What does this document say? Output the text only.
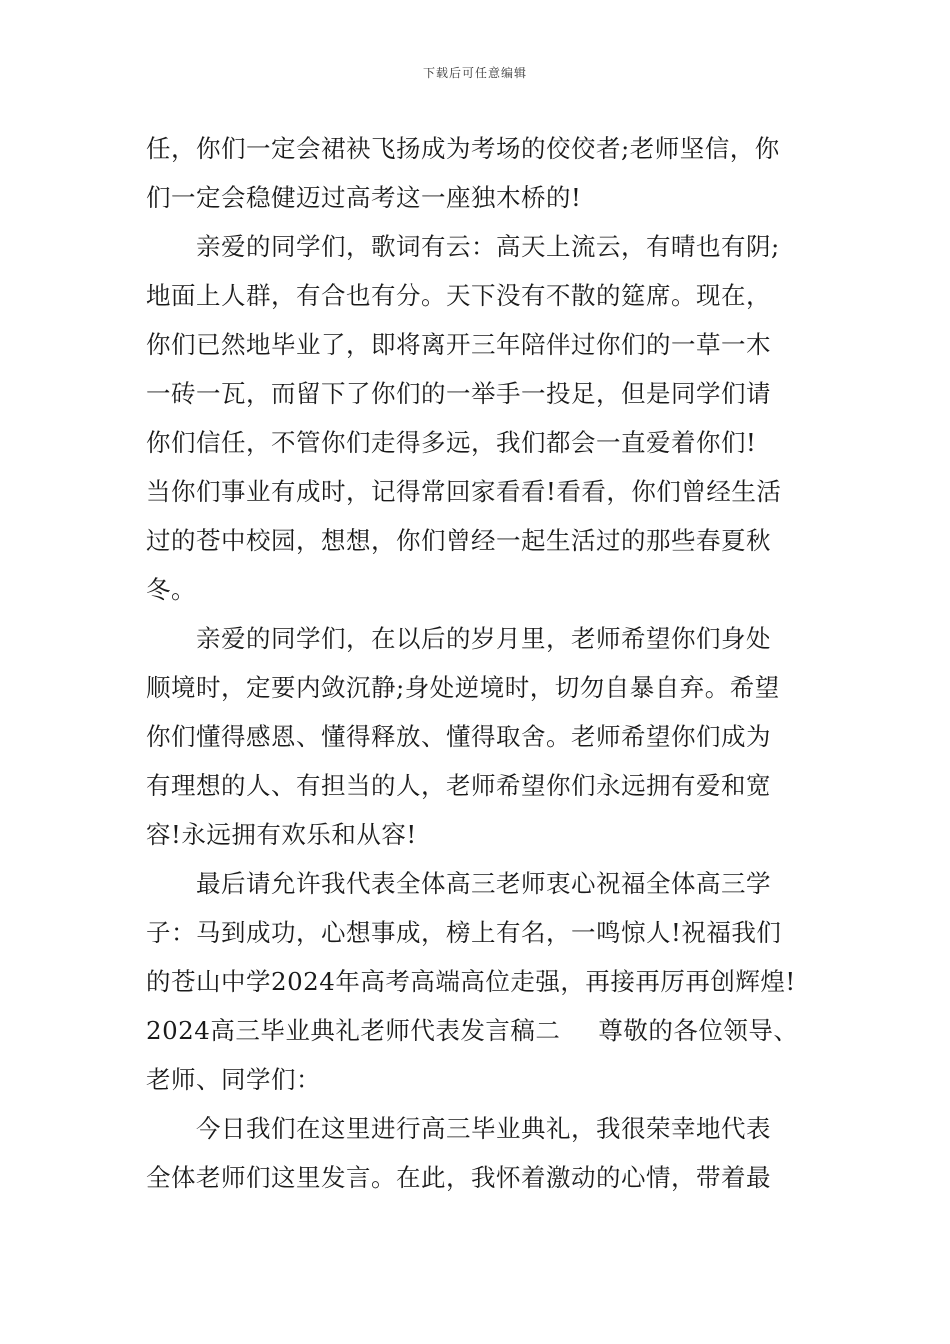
下载后可任意编辑
任，你们一定会裙袂飞扬成为考场的佼佼者;老师坚信，你
们一定会稳健迈过高考这一座独木桥的!
亲爱的同学们，歌词有云：高天上流云，有晴也有阴;
地面上人群，有合也有分。天下没有不散的筵席。现在，
你们已然地毕业了，即将离开三年陪伴过你们的一草一木
一砖一瓦，而留下了你们的一举手一投足，但是同学们请
你们信任，不管你们走得多远，我们都会一直爱着你们!
当你们事业有成时，记得常回家看看!看看，你们曾经生活
过的苍中校园，想想，你们曾经一起生活过的那些春夏秋
冬。
亲爱的同学们，在以后的岁月里，老师希望你们身处
顺境时，定要内敛沉静;身处逆境时，切勿自暴自弃。希望
你们懂得感恩、懂得释放、懂得取舍。老师希望你们成为
有理想的人、有担当的人，老师希望你们永远拥有爱和宽
容!永远拥有欢乐和从容!
最后请允许我代表全体高三老师衷心祝福全体高三学
子：马到成功，心想事成，榜上有名，一鸣惊人!祝福我们
的苍山中学2024年高考高端高位走强，再接再厉再创辉煌!
2024高三毕业典礼老师代表发言稿二 尊敬的各位领导、
老师、同学们：
今日我们在这里进行高三毕业典礼，我很荣幸地代表
全体老师们这里发言。在此，我怀着激动的心情，带着最
